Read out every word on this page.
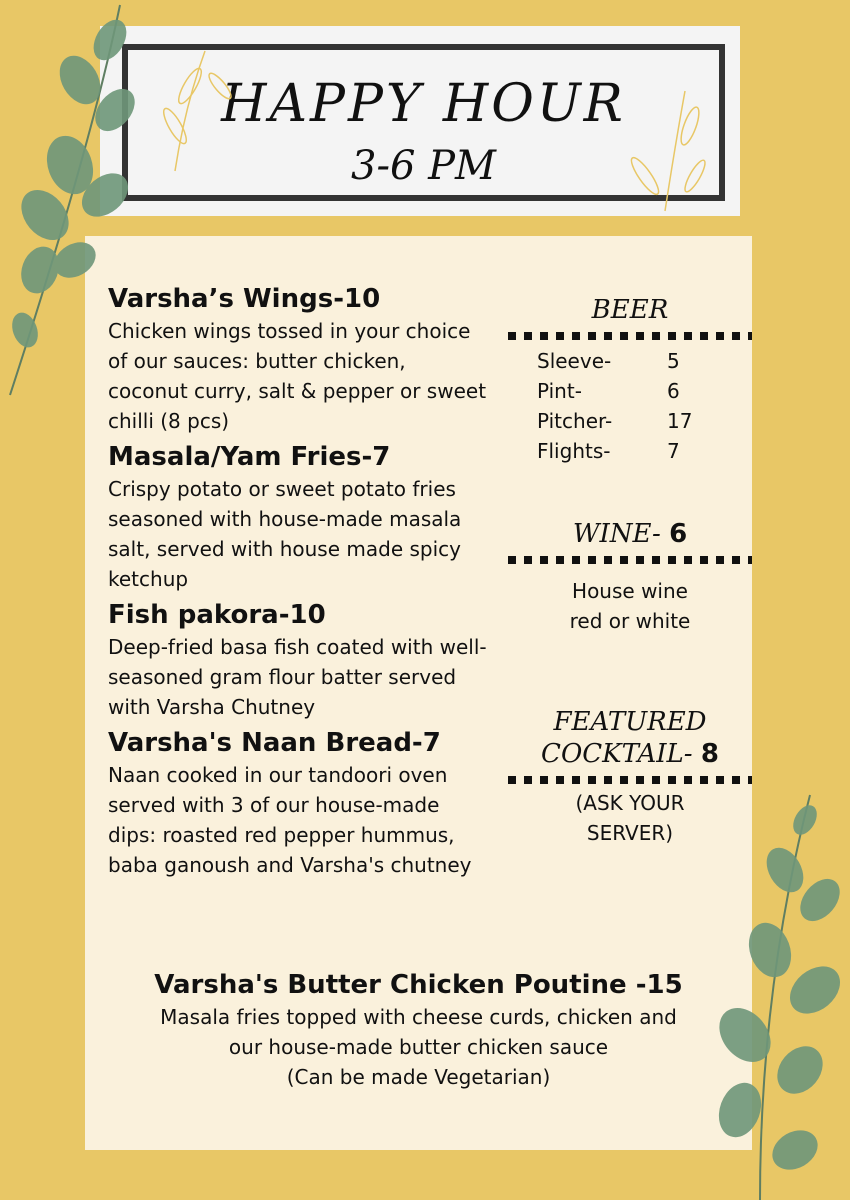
HAPPY HOUR
3-6 PM
Varsha’s Wings-10
Chicken wings tossed in your choice of our sauces: butter chicken, coconut curry, salt & pepper or sweet chilli (8 pcs)
Masala/Yam Fries-7
Crispy potato or sweet potato fries seasoned with house-made masala salt, served with house made spicy ketchup
Fish pakora-10
Deep-fried basa fish coated with well-seasoned gram flour batter served with Varsha Chutney
Varsha's Naan Bread-7
Naan cooked in our tandoori oven served with 3 of our house-made dips: roasted red pepper hummus, baba ganoush and Varsha's chutney
BEER
Sleeve-	5
Pint-	6
Pitcher-	17
Flights-	7
WINE- 6
House wine
red or white
FEATURED
COCKTAIL- 8
(ASK YOUR
SERVER)
Varsha's Butter Chicken Poutine -15
Masala fries topped with cheese curds, chicken and
our house-made butter chicken sauce
(Can be made Vegetarian)
